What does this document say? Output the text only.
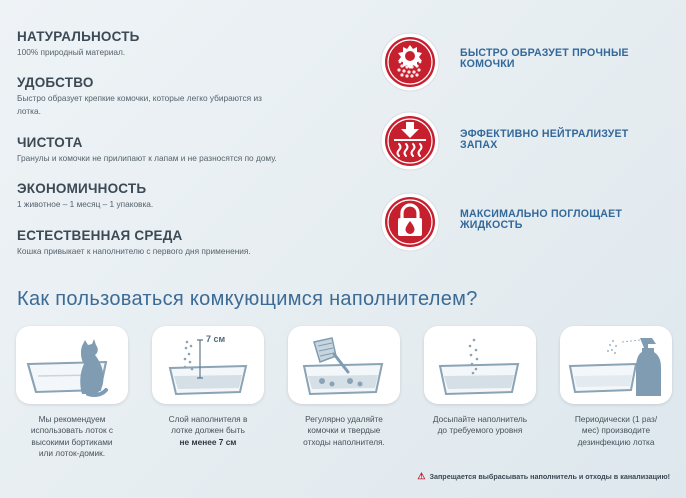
НАТУРАЛЬНОСТЬ

100% природный материал.

УДОБСТВО

Быстро образует крепкие комочки, которые легко убираются из
лотка.

ЧИСТОТА

Гранулы и комочки не прилипают к лапам и не разносятся по дому.

ЭКОНОМИЧНОСТЬ

1 животное – 1 месяц – 1 упаковка.

ЕСТЕСТВЕННАЯ СРЕДА

Кошка привыкает к наполнителю с первого дня применения.

БЫСТРО ОБРАЗУЕТ ПРОЧНЫЕ
КОМОЧКИ
ЭФФЕКТИВНО НЕЙТРАЛИЗУЕТ
ЗАПАХ
МАКСИМАЛЬНО ПОГЛОЩАЕТ
ЖИДКОСТЬ
Как пользоваться комкующимся наполнителем?
Мы рекомендуем
использовать лоток с
высокими бортиками
или лоток-домик.
7 см
Слой наполнителя в
лотке должен быть
не менее 7 см
Регулярно удаляйте
комочки и твердые
отходы наполнителя.
Досыпайте наполнитель
до требуемого уровня
Периодически (1 раз/
мес) производите
дезинфекцию лотка
⚠ Запрещается выбрасывать наполнитель и отходы в канализацию!
